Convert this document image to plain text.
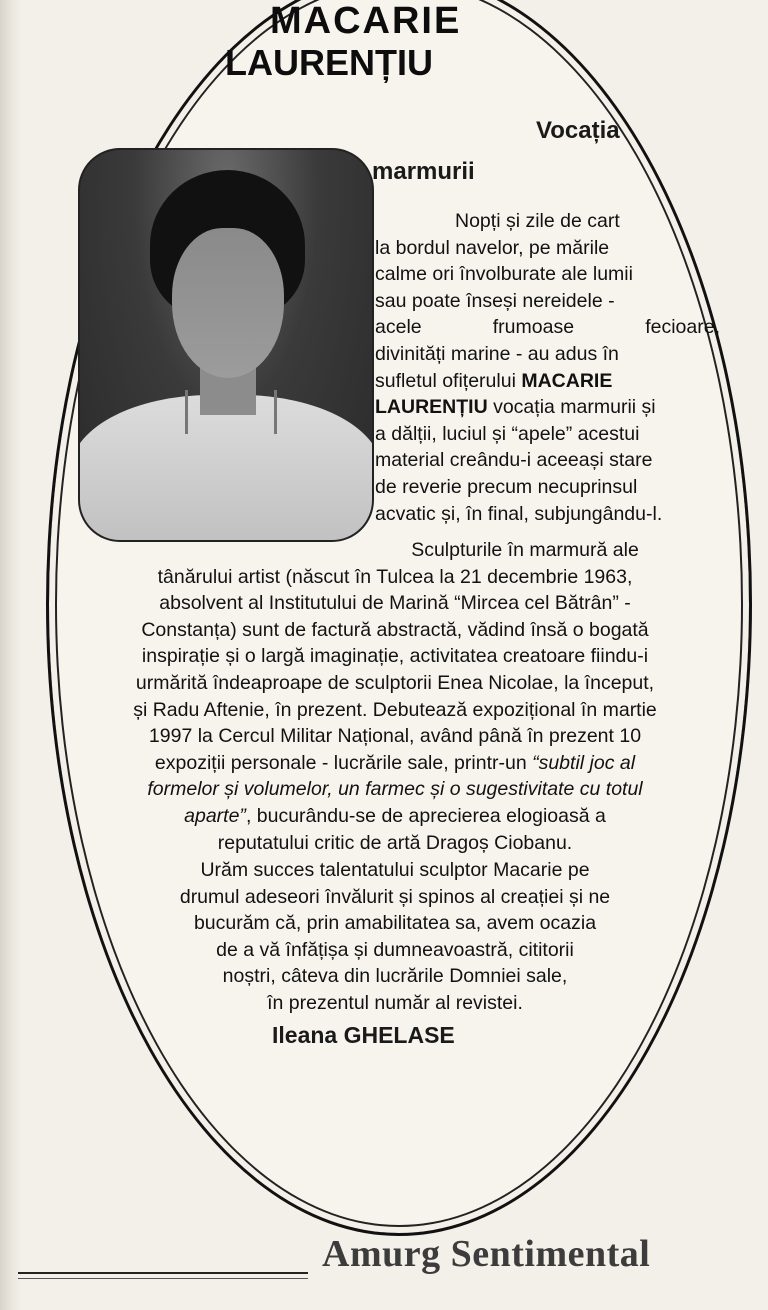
MACARIE
LAURENȚIU
Vocația
marmurii
Nopți și zile de cart
la bordul navelor, pe mările
calme ori învolburate ale lumii
sau poate înseși nereidele -
acele frumoase fecioare,
divinități marine - au adus în
sufletul ofițerului MACARIE
LAURENȚIU vocația marmurii și
a dălții, luciul și “apele” acestui
material creându-i aceeași stare
de reverie precum necuprinsul
acvatic și, în final, subjungându-l.
Sculpturile în marmură ale
tânărului artist (născut în Tulcea la 21 decembrie 1963,
absolvent al Institutului de Marină “Mircea cel Bătrân” -
Constanța) sunt de factură abstractă, vădind însă o bogată
inspirație și o largă imaginație, activitatea creatoare fiindu-i
urmărită îndeaproape de sculptorii Enea Nicolae, la început,
și Radu Aftenie, în prezent. Debutează expozițional în martie
1997 la Cercul Militar Național, având până în prezent 10
expoziții personale - lucrările sale, printr-un “subtil joc al
formelor și volumelor, un farmec și o sugestivitate cu totul
aparte”, bucurându-se de aprecierea elogioasă a
reputatului critic de artă Dragoș Ciobanu.
Urăm succes talentatului sculptor Macarie pe
drumul adeseori învălurit și spinos al creației și ne
bucurăm că, prin amabilitatea sa, avem ocazia
de a vă înfățișa și dumneavoastră, cititorii
noștri, câteva din lucrările Domniei sale,
în prezentul număr al revistei.
Ileana GHELASE
Amurg Sentimental
